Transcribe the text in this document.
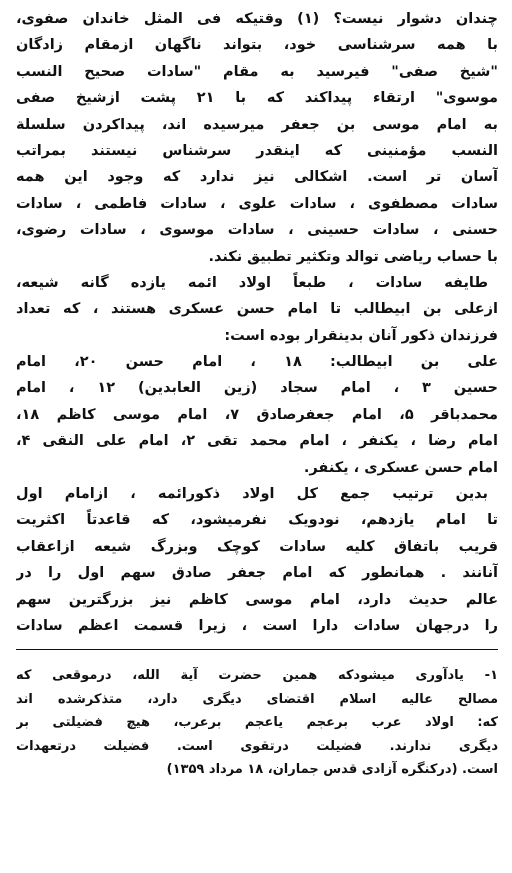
چندان دشوار نیست؟ (۱) وقتیکه فی المثل خاندان صفوی،
با همه سرشناسی خود، بتواند ناگهان ازمقام زادگان
"شیخ صفی" فیرسید به مقام "سادات صحیح النسب
موسوی" ارتقاء پیداکند که با ۲۱ پشت ازشیخ صفی
به امام موسی بن جعفر میرسیده اند، پیداکردن سلسلة
النسب مؤمنینی که اینقدر سرشناس نیستند بمراتب
آسان تر است. اشکالی نیز ندارد که وجود این همه
سادات مصطفوی ، سادات علوی ، سادات فاطمی ، سادات
حسنی ، سادات حسینی ، سادات موسوی ، سادات رضوی،
با حساب ریاضی توالد وتکثیر تطبیق نکند.
طایفه سادات ، طبعاً اولاد ائمه یازده گانه شیعه،
ازعلی بن ابیطالب تا امام حسن عسکری هستند ، که تعداد
فرزندان ذکور آنان بدینقرار بوده است:
علی بن ابیطالب: ۱۸ ، امام حسن ۲۰، امام
حسین ۳ ، امام سجاد (زین العابدین) ۱۲ ، امام
محمدباقر ۵، امام جعفرصادق ۷، امام موسی کاظم ۱۸،
امام رضا ، یکنفر ، امام محمد تقی ۲، امام علی النقی ۴،
امام حسن عسکری ، یکنفر.
بدین ترتیب جمع کل اولاد ذکورائمه ، ازامام اول
تا امام یازدهم، نودویک نفرمیشود، که قاعدتاً اکثریت
قریب باتفاق کلیه سادات کوچک وبزرگ شیعه ازاعقاب
آنانند . همانطور که امام جعفر صادق سهم اول را در
عالم حدیث دارد، امام موسی کاظم نیز بزرگترین سهم
را درجهان سادات دارا است ، زیرا قسمت اعظم سادات
۱- یادآوری میشودکه همین حضرت آیة الله، درموقعی که
مصالح عالیه اسلام اقتضای دیگری دارد، متذکرشده اند
که: اولاد عرب برعجم یاعجم برعرب، هیچ فضیلتی بر
دیگری ندارند. فضیلت درتقوی است. فضیلت درتعهدات
است. (درکنگره آزادی قدس جماران، ۱۸ مرداد ۱۳۵۹)
